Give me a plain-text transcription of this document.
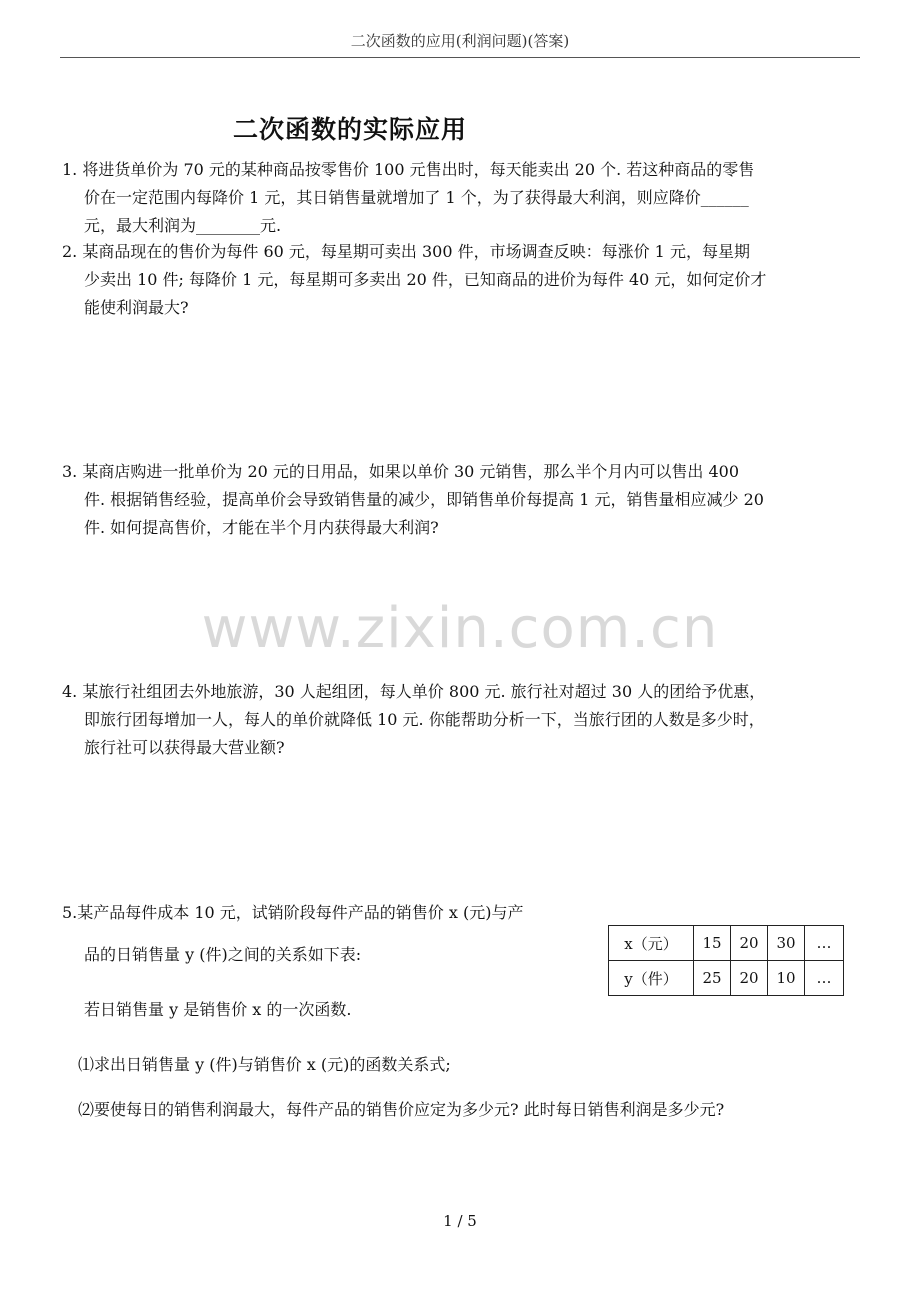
二次函数的应用(利润问题)(答案)
二次函数的实际应用
1. 将进货单价为 70 元的某种商品按零售价 100 元售出时，每天能卖出 20 个. 若这种商品的零售
价在一定范围内每降价 1 元，其日销售量就增加了 1 个，为了获得最大利润，则应降价______
元，最大利润为________元.
2. 某商品现在的售价为每件 60 元，每星期可卖出 300 件，市场调查反映：每涨价 1 元，每星期
少卖出 10 件; 每降价 1 元，每星期可多卖出 20 件，已知商品的进价为每件 40 元，如何定价才
能使利润最大?
3. 某商店购进一批单价为 20 元的日用品，如果以单价 30 元销售，那么半个月内可以售出 400
件. 根据销售经验，提高单价会导致销售量的减少，即销售单价每提高 1 元，销售量相应减少 20
件. 如何提高售价，才能在半个月内获得最大利润?
www.zixin.com.cn
4. 某旅行社组团去外地旅游，30 人起组团，每人单价 800 元. 旅行社对超过 30 人的团给予优惠，
即旅行团每增加一人，每人的单价就降低 10 元. 你能帮助分析一下，当旅行团的人数是多少时，
旅行社可以获得最大营业额?
5.某产品每件成本 10 元，试销阶段每件产品的销售价 x (元)与产
品的日销售量 y (件)之间的关系如下表:
若日销售量 y 是销售价 x 的一次函数.
⑴求出日销售量 y (件)与销售价 x (元)的函数关系式;
⑵要使每日的销售利润最大，每件产品的销售价应定为多少元? 此时每日销售利润是多少元?
x（元）	15	20	30	…
y（件）	25	20	10	…
1 / 5
